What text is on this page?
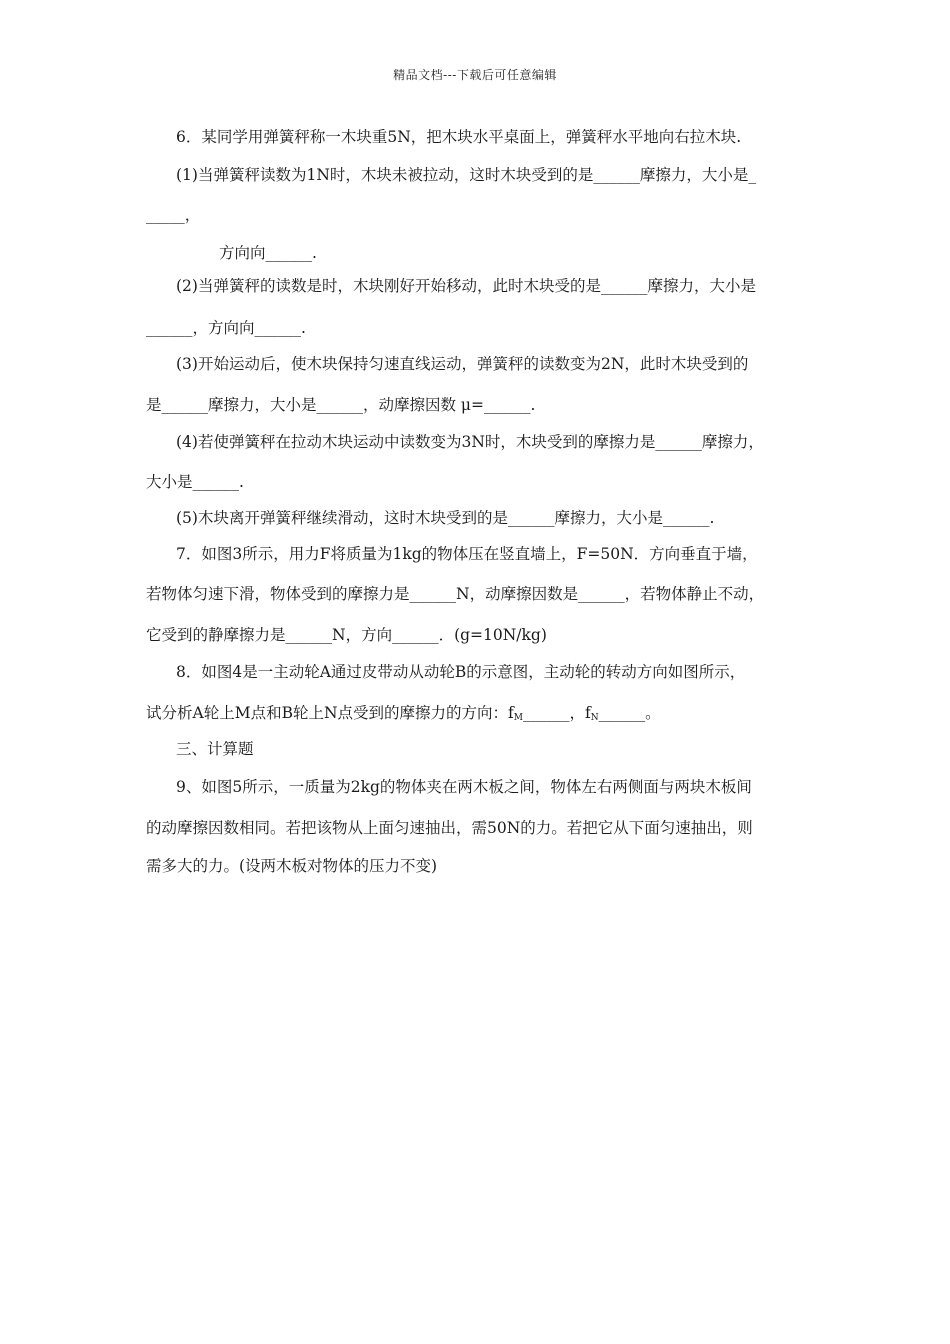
精品文档---下载后可任意编辑
6．某同学用弹簧秤称一木块重5N，把木块水平桌面上，弹簧秤水平地向右拉木块.
(1)当弹簧秤读数为1N时，木块未被拉动，这时木块受到的是______摩擦力，大小是_
_____，
方向向______.
(2)当弹簧秤的读数是时，木块刚好开始移动，此时木块受的是______摩擦力，大小是
______，方向向______.
(3)开始运动后，使木块保持匀速直线运动，弹簧秤的读数变为2N，此时木块受到的
是______摩擦力，大小是______，动摩擦因数 μ=______.
(4)若使弹簧秤在拉动木块运动中读数变为3N时，木块受到的摩擦力是______摩擦力，
大小是______.
(5)木块离开弹簧秤继续滑动，这时木块受到的是______摩擦力，大小是______.
7．如图3所示，用力F将质量为1kg的物体压在竖直墙上，F=50N．方向垂直于墙，
若物体匀速下滑，物体受到的摩擦力是______N，动摩擦因数是______，若物体静止不动，
它受到的静摩擦力是______N，方向______．(g=10N/kg)
8．如图4是一主动轮A通过皮带动从动轮B的示意图，主动轮的转动方向如图所示，
试分析A轮上M点和B轮上N点受到的摩擦力的方向：$f_M\_\_\_\_\_\_$，$f_N\_\_\_\_\_\_$。
三、计算题
9、如图5所示，一质量为2kg的物体夹在两木板之间，物体左右两侧面与两块木板间
的动摩擦因数相同。若把该物从上面匀速抽出，需50N的力。若把它从下面匀速抽出，则
需多大的力。(设两木板对物体的压力不变)
